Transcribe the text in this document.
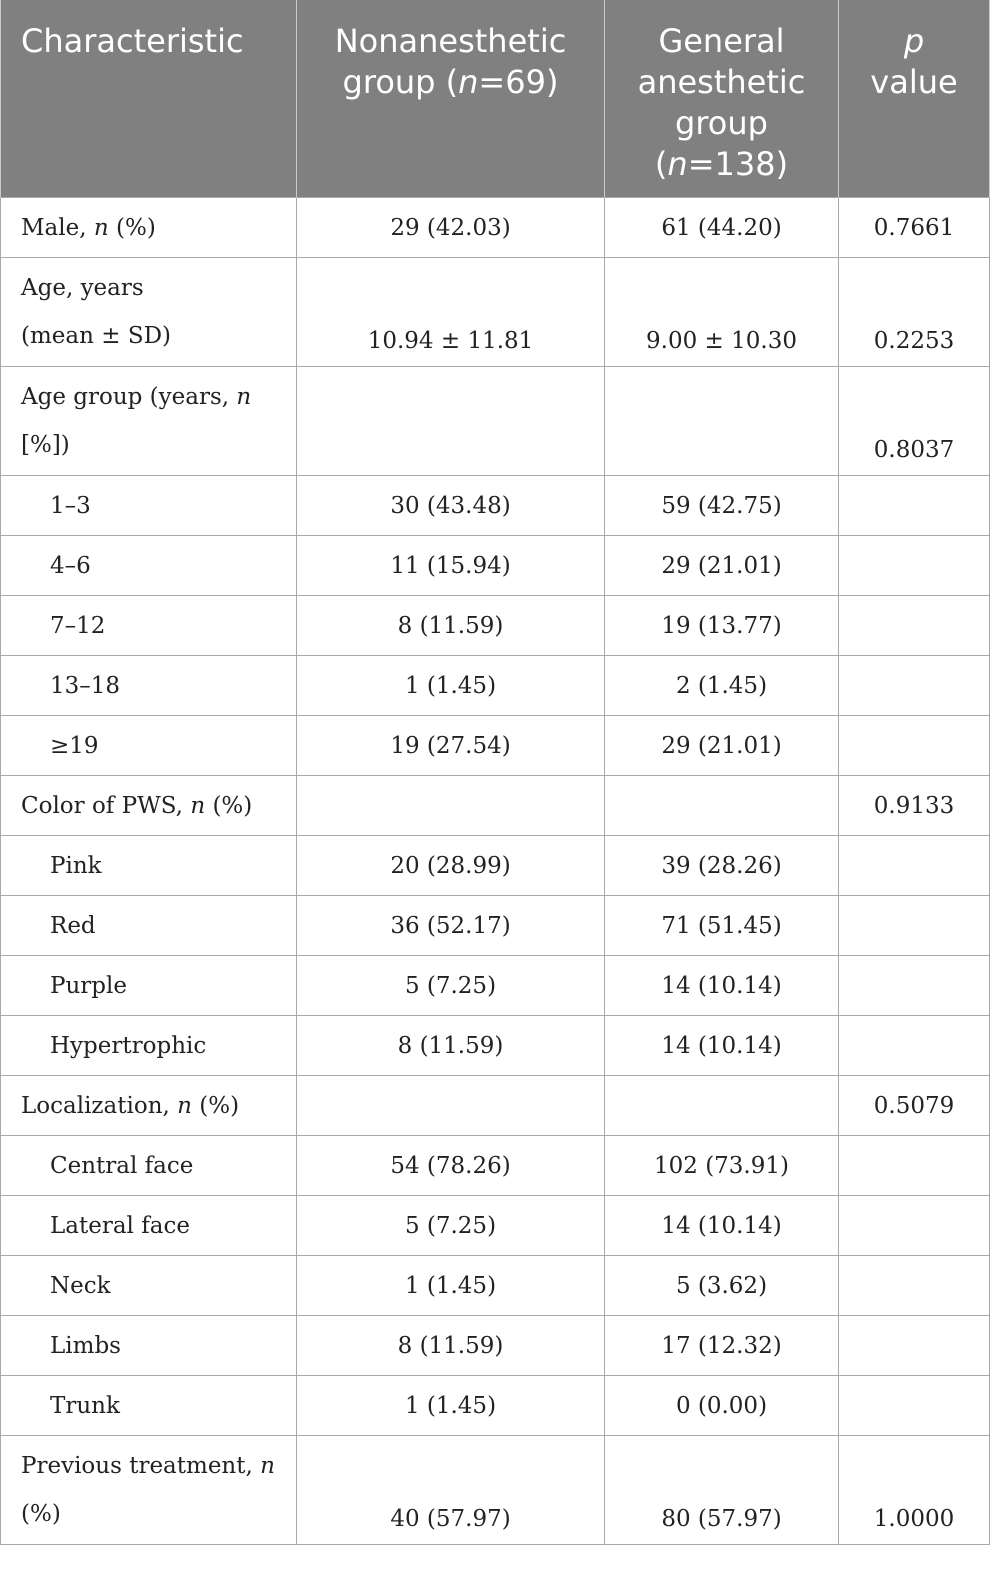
Characteristic	Nonanesthetic group (n=69)	General anesthetic group (n=138)	p
value
Male, n (%)	29 (42.03)	61 (44.20)	0.7661
Age, years
(mean ± SD)	10.94 ± 11.81	9.00 ± 10.30	0.2253
Age group (years, n
[%])			0.8037
1–3	30 (43.48)	59 (42.75)	
4–6	11 (15.94)	29 (21.01)	
7–12	8 (11.59)	19 (13.77)	
13–18	1 (1.45)	2 (1.45)	
≥19	19 (27.54)	29 (21.01)	
Color of PWS, n (%)			0.9133
Pink	20 (28.99)	39 (28.26)	
Red	36 (52.17)	71 (51.45)	
Purple	5 (7.25)	14 (10.14)	
Hypertrophic	8 (11.59)	14 (10.14)	
Localization, n (%)			0.5079
Central face	54 (78.26)	102 (73.91)	
Lateral face	5 (7.25)	14 (10.14)	
Neck	1 (1.45)	5 (3.62)	
Limbs	8 (11.59)	17 (12.32)	
Trunk	1 (1.45)	0 (0.00)	
Previous treatment, n
(%)	40 (57.97)	80 (57.97)	1.0000
